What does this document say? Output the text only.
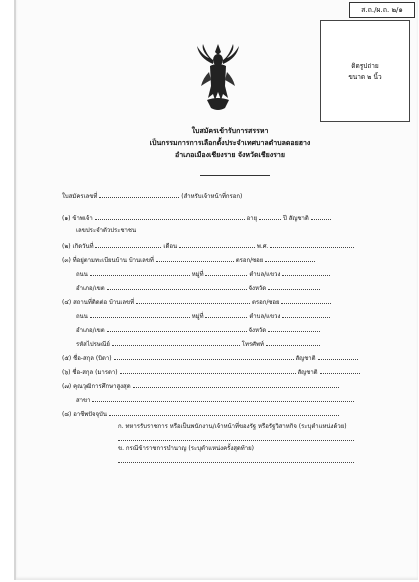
ส.ถ./ผ.ถ. ๒/๑
ติดรูปถ่าย
ขนาด ๒ นิ้ว
ใบสมัครเข้ารับการสรรหา
เป็นกรรมการการเลือกตั้งประจำเทศบาลตำบลดอยฮาง
อำเภอเมืองเชียงราย จังหวัดเชียงราย
ใบสมัครเลขที่	(สำหรับเจ้าหน้าที่กรอก)
(๑) ข้าพเจ้า	อายุ	ปี สัญชาติ
เลขประจำตัวประชาชน
(๒) เกิดวันที่	เดือน	พ.ศ.
(๓) ที่อยู่ตามทะเบียนบ้าน บ้านเลขที่	ตรอก/ซอย
ถนน	หมู่ที่	ตำบล/แขวง
อำเภอ/เขต	จังหวัด
(๔) สถานที่ติดต่อ บ้านเลขที่	ตรอก/ซอย
ถนน	หมู่ที่	ตำบล/แขวง
อำเภอ/เขต	จังหวัด
รหัสไปรษณีย์	โทรศัพท์
(๕) ชื่อ-สกุล (บิดา)	สัญชาติ
(๖) ชื่อ-สกุล (มารดา)	สัญชาติ
(๗) คุณวุฒิการศึกษาสูงสุด
สาขา
(๘) อาชีพปัจจุบัน
ก. ทหารรับราชการ หรือเป็นพนักงาน/เจ้าหน้าที่ของรัฐ หรือรัฐวิสาหกิจ (ระบุตำแหน่งด้วย)
ข. กรณีข้าราชการบำนาญ (ระบุตำแหน่งครั้งสุดท้าย)
